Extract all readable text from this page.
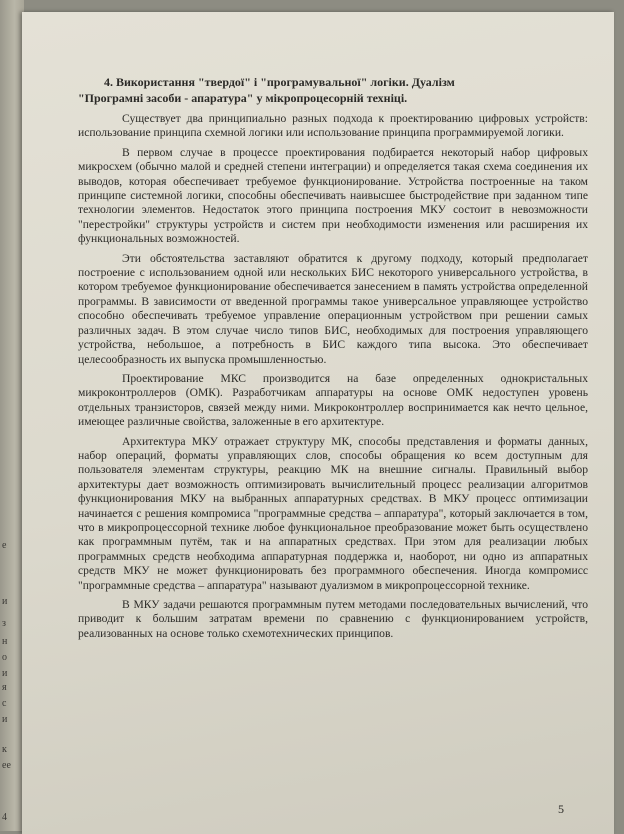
е
и
з
н
о
и
я
с
и
к
ее
4
4. Використання "твердої" і "програмувальної" логіки. Дуалізм
"Програмні засоби - апаратура" у мікропроцесорній техніці.

Существует два принципиально разных подхода к проектированию цифровых устройств: использование принципа схемной логики или использование принципа программируемой логики.

В первом случае в процессе проектирования подбирается некоторый набор цифровых микросхем (обычно малой и средней степени интеграции) и определяется такая схема соединения их выводов, которая обеспечивает требуемое функционирование. Устройства построенные на таком принципе системной логики, способны обеспечивать наивысшее быстродействие при заданном типе технологии элементов. Недостаток этого принципа построения МКУ состоит в невозможности "перестройки" структуры устройств и систем при необходимости изменения или расширения их функциональных возможностей.

Эти обстоятельства заставляют обратится к другому подходу, который предполагает построение с использованием одной или нескольких БИС некоторого универсального устройства, в котором требуемое функционирование обеспечивается занесением в память устройства определенной программы. В зависимости от введенной программы такое универсальное управляющее устройство способно обеспечивать требуемое управление операционным устройством при решении самых различных задач. В этом случае число типов БИС, необходимых для построения управляющего устройства, небольшое, а потребность в БИС каждого типа высока. Это обеспечивает целесообразность их выпуска промышленностью.

Проектирование МКС производится на базе определенных однокристальных микроконтроллеров (ОМК). Разработчикам аппаратуры на основе ОМК недоступен уровень отдельных транзисторов, связей между ними. Микроконтроллер воспринимается как нечто цельное, имеющее различные свойства, заложенные в его архитектуре.

Архитектура МКУ отражает структуру МК, способы представления и форматы данных, набор операций, форматы управляющих слов, способы обращения ко всем доступным для пользователя элементам структуры, реакцию МК на внешние сигналы. Правильный выбор архитектуры дает возможность оптимизировать вычислительный процесс реализации алгоритмов функционирования МКУ на выбранных аппаратурных средствах. В МКУ процесс оптимизации начинается с решения компромиса "программные средства – аппаратура", который заключается в том, что в микропроцессорной технике любое функциональное преобразование может быть осуществлено как программным путём, так и на аппаратных средствах. При этом для реализации любых программных средств необходима аппаратурная поддержка и, наоборот, ни одно из аппаратных средств МКУ не может функционировать без программного обеспечения. Иногда компромисс "программные средства – аппаратура" называют дуализмом в микропроцессорной технике.

В МКУ задачи решаются программным путем методами последовательных вычислений, что приводит к большим затратам времени по сравнению с функционированием устройств, реализованных на основе только схемотехнических принципов.

5
